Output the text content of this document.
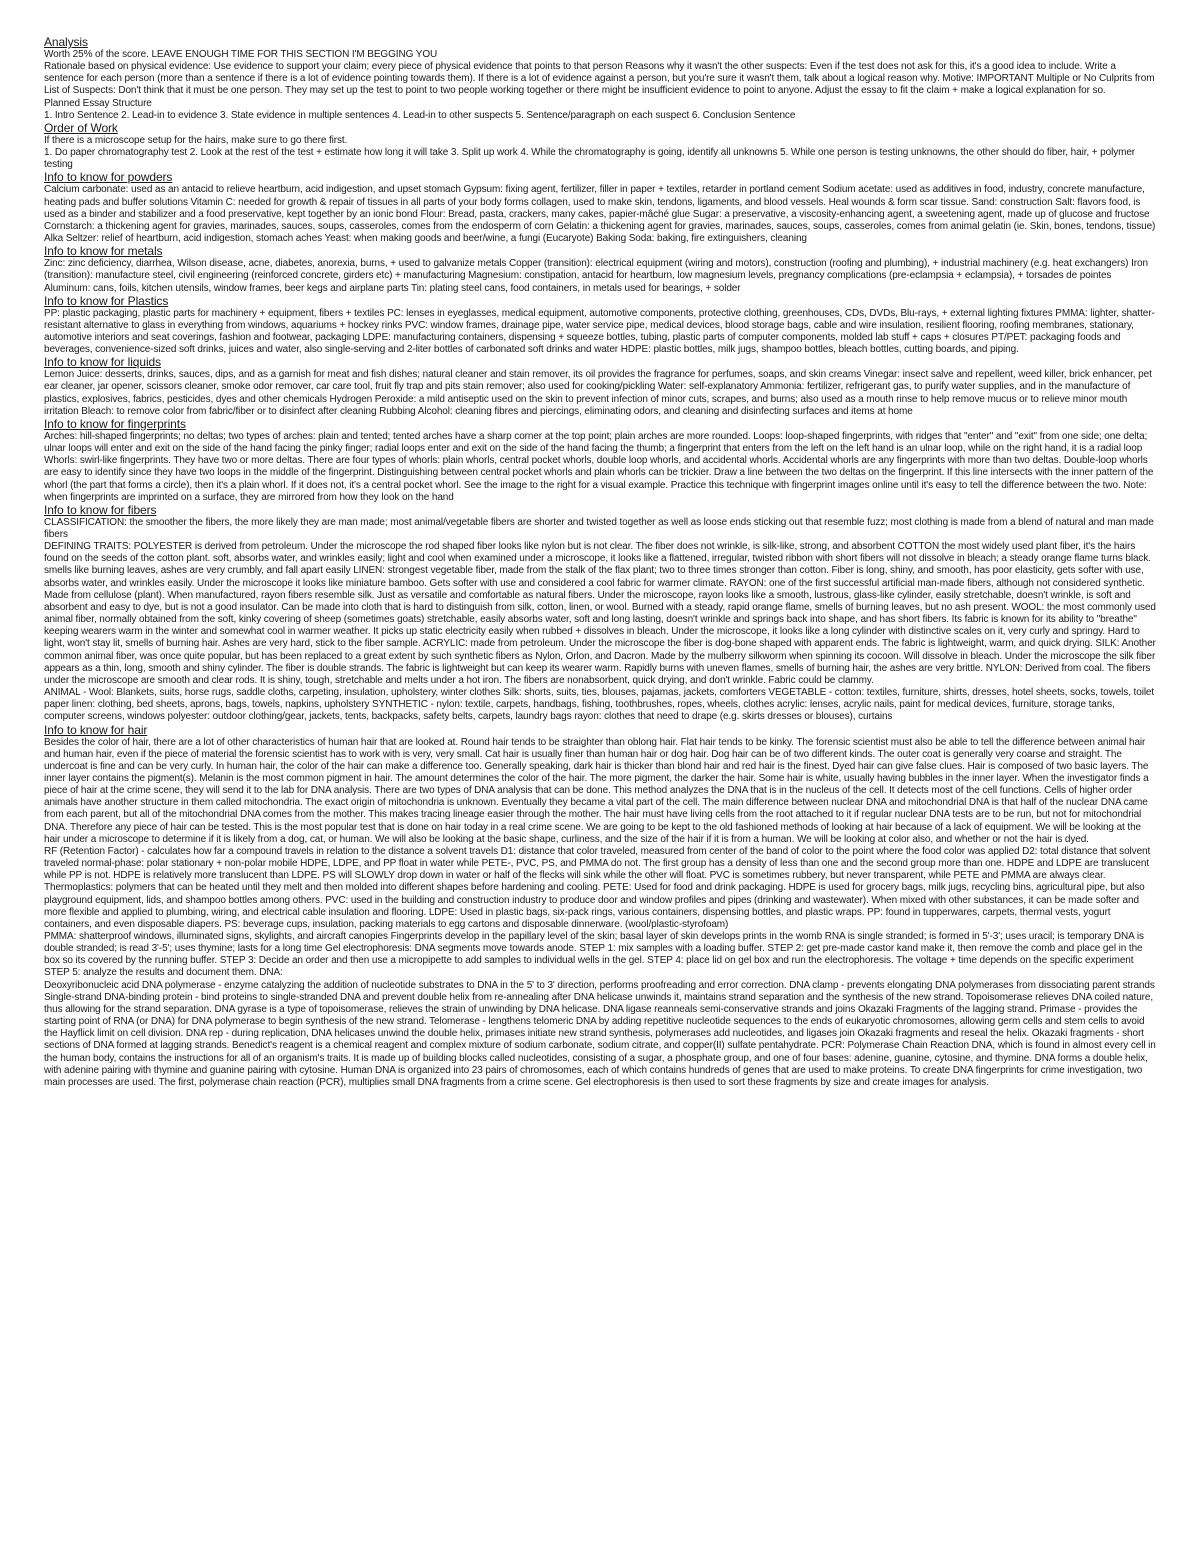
Analysis

Worth 25% of the score. LEAVE ENOUGH TIME FOR THIS SECTION I'M BEGGING YOU

Rationale based on physical evidence: Use evidence to support your claim; every piece of physical evidence that points to that person Reasons why it wasn't the other suspects: Even if the test does not ask for this, it's a good idea to include. Write a sentence for each person (more than a sentence if there is a lot of evidence pointing towards them). If there is a lot of evidence against a person, but you're sure it wasn't them, talk about a logical reason why. Motive: IMPORTANT Multiple or No Culprits from List of Suspects: Don't think that it must be one person. They may set up the test to point to two people working together or there might be insufficient evidence to point to anyone. Adjust the essay to fit the claim + make a logical explanation for so.

Planned Essay Structure

1. Intro Sentence 2. Lead-in to evidence 3. State evidence in multiple sentences 4. Lead-in to other suspects 5. Sentence/paragraph on each suspect 6. Conclusion Sentence

Order of Work

If there is a microscope setup for the hairs, make sure to go there first.

1. Do paper chromatography test 2. Look at the rest of the test + estimate how long it will take 3. Split up work 4. While the chromatography is going, identify all unknowns 5. While one person is testing unknowns, the other should do fiber, hair, + polymer testing

Info to know for powders

Calcium carbonate: used as an antacid to relieve heartburn, acid indigestion, and upset stomach Gypsum: fixing agent, fertilizer, filler in paper + textiles, retarder in portland cement Sodium acetate: used as additives in food, industry, concrete manufacture, heating pads and buffer solutions Vitamin C: needed for growth & repair of tissues in all parts of your body forms collagen, used to make skin, tendons, ligaments, and blood vessels. Heal wounds & form scar tissue. Sand: construction Salt: flavors food, is used as a binder and stabilizer and a food preservative, kept together by an ionic bond Flour: Bread, pasta, crackers, many cakes, papier-mâché glue Sugar: a preservative, a viscosity-enhancing agent, a sweetening agent, made up of glucose and fructose Cornstarch: a thickening agent for gravies, marinades, sauces, soups, casseroles, comes from the endosperm of corn Gelatin: a thickening agent for gravies, marinades, sauces, soups, casseroles, comes from animal gelatin (ie. Skin, bones, tendons, tissue) Alka Seltzer: relief of heartburn, acid indigestion, stomach aches Yeast: when making goods and beer/wine, a fungi (Eucaryote) Baking Soda: baking, fire extinguishers, cleaning

Info to know for metals

Zinc: zinc deficiency, diarrhea, Wilson disease, acne, diabetes, anorexia, burns, + used to galvanize metals Copper (transition): electrical equipment (wiring and motors), construction (roofing and plumbing), + industrial machinery (e.g. heat exchangers) Iron (transition): manufacture steel, civil engineering (reinforced concrete, girders etc) + manufacturing Magnesium: constipation, antacid for heartburn, low magnesium levels, pregnancy complications (pre-eclampsia + eclampsia), + torsades de pointes Aluminum: cans, foils, kitchen utensils, window frames, beer kegs and airplane parts Tin: plating steel cans, food containers, in metals used for bearings, + solder

Info to know for Plastics

PP: plastic packaging, plastic parts for machinery + equipment, fibers + textiles PC: lenses in eyeglasses, medical equipment, automotive components, protective clothing, greenhouses, CDs, DVDs, Blu-rays, + external lighting fixtures PMMA: lighter, shatter-resistant alternative to glass in everything from windows, aquariums + hockey rinks PVC: window frames, drainage pipe, water service pipe, medical devices, blood storage bags, cable and wire insulation, resilient flooring, roofing membranes, stationary, automotive interiors and seat coverings, fashion and footwear, packaging LDPE: manufacturing containers, dispensing + squeeze bottles, tubing, plastic parts of computer components, molded lab stuff + caps + closures PT/PET: packaging foods and beverages, convenience-sized soft drinks, juices and water, also single-serving and 2-liter bottles of carbonated soft drinks and water HDPE: plastic bottles, milk jugs, shampoo bottles, bleach bottles, cutting boards, and piping.

Info to know for liquids

Lemon Juice: desserts, drinks, sauces, dips, and as a garnish for meat and fish dishes; natural cleaner and stain remover, its oil provides the fragrance for perfumes, soaps, and skin creams Vinegar: insect salve and repellent, weed killer, brick enhancer, pet ear cleaner, jar opener, scissors cleaner, smoke odor remover, car care tool, fruit fly trap and pits stain remover; also used for cooking/pickling Water: self-explanatory Ammonia: fertilizer, refrigerant gas, to purify water supplies, and in the manufacture of plastics, explosives, fabrics, pesticides, dyes and other chemicals Hydrogen Peroxide: a mild antiseptic used on the skin to prevent infection of minor cuts, scrapes, and burns; also used as a mouth rinse to help remove mucus or to relieve minor mouth irritation Bleach: to remove color from fabric/fiber or to disinfect after cleaning Rubbing Alcohol: cleaning fibres and piercings, eliminating odors, and cleaning and disinfecting surfaces and items at home

Info to know for fingerprints

Arches: hill-shaped fingerprints; no deltas; two types of arches: plain and tented; tented arches have a sharp corner at the top point; plain arches are more rounded. Loops: loop-shaped fingerprints, with ridges that "enter" and "exit" from one side; one delta; ulnar loops will enter and exit on the side of the hand facing the pinky finger; radial loops enter and exit on the side of the hand facing the thumb; a fingerprint that enters from the left on the left hand is an ulnar loop, while on the right hand, it is a radial loop Whorls: swirl-like fingerprints. They have two or more deltas. There are four types of whorls: plain whorls, central pocket whorls, double loop whorls, and accidental whorls. Accidental whorls are any fingerprints with more than two deltas. Double-loop whorls are easy to identify since they have two loops in the middle of the fingerprint. Distinguishing between central pocket whorls and plain whorls can be trickier. Draw a line between the two deltas on the fingerprint. If this line intersects with the inner pattern of the whorl (the part that forms a circle), then it's a plain whorl. If it does not, it's a central pocket whorl. See the image to the right for a visual example. Practice this technique with fingerprint images online until it's easy to tell the difference between the two. Note: when fingerprints are imprinted on a surface, they are mirrored from how they look on the hand

Info to know for fibers

CLASSIFICATION: the smoother the fibers, the more likely they are man made; most animal/vegetable fibers are shorter and twisted together as well as loose ends sticking out that resemble fuzz; most clothing is made from a blend of natural and man made fibers

DEFINING TRAITS: POLYESTER is derived from petroleum. Under the microscope the rod shaped fiber looks like nylon but is not clear. The fiber does not wrinkle, is silk-like, strong, and absorbent COTTON the most widely used plant fiber, it's the hairs found on the seeds of the cotton plant. soft, absorbs water, and wrinkles easily; light and cool when examined under a microscope, it looks like a flattened, irregular, twisted ribbon with short fibers will not dissolve in bleach; a steady orange flame turns black. smells like burning leaves, ashes are very crumbly, and fall apart easily LINEN: strongest vegetable fiber, made from the stalk of the flax plant; two to three times stronger than cotton. Fiber is long, shiny, and smooth, has poor elasticity, gets softer with use, absorbs water, and wrinkles easily. Under the microscope it looks like miniature bamboo. Gets softer with use and considered a cool fabric for warmer climate. RAYON: one of the first successful artificial man-made fibers, although not considered synthetic. Made from cellulose (plant). When manufactured, rayon fibers resemble silk. Just as versatile and comfortable as natural fibers. Under the microscope, rayon looks like a smooth, lustrous, glass-like cylinder, easily stretchable, doesn't wrinkle, is soft and absorbent and easy to dye, but is not a good insulator. Can be made into cloth that is hard to distinguish from silk, cotton, linen, or wool. Burned with a steady, rapid orange flame, smells of burning leaves, but no ash present. WOOL: the most commonly used animal fiber, normally obtained from the soft, kinky covering of sheep (sometimes goats) stretchable, easily absorbs water, soft and long lasting, doesn't wrinkle and springs back into shape, and has short fibers. Its fabric is known for its ability to "breathe" keeping wearers warm in the winter and somewhat cool in warmer weather. It picks up static electricity easily when rubbed + dissolves in bleach. Under the microscope, it looks like a long cylinder with distinctive scales on it, very curly and springy. Hard to light, won't stay lit, smells of burning hair. Ashes are very hard, stick to the fiber sample. ACRYLIC: made from petroleum. Under the microscope the fiber is dog-bone shaped with apparent ends. The fabric is lightweight, warm, and quick drying. SILK: Another common animal fiber, was once quite popular, but has been replaced to a great extent by such synthetic fibers as Nylon, Orlon, and Dacron. Made by the mulberry silkworm when spinning its cocoon. Will dissolve in bleach. Under the microscope the silk fiber appears as a thin, long, smooth and shiny cylinder. The fiber is double strands. The fabric is lightweight but can keep its wearer warm. Rapidly burns with uneven flames, smells of burning hair, the ashes are very brittle. NYLON: Derived from coal. The fibers under the microscope are smooth and clear rods. It is shiny, tough, stretchable and melts under a hot iron. The fibers are nonabsorbent, quick drying, and don't wrinkle. Fabric could be clammy.

ANIMAL - Wool: Blankets, suits, horse rugs, saddle cloths, carpeting, insulation, upholstery, winter clothes Silk: shorts, suits, ties, blouses, pajamas, jackets, comforters VEGETABLE - cotton: textiles, furniture, shirts, dresses, hotel sheets, socks, towels, toilet paper linen: clothing, bed sheets, aprons, bags, towels, napkins, upholstery SYNTHETIC - nylon: textile, carpets, handbags, fishing, toothbrushes, ropes, wheels, clothes acrylic: lenses, acrylic nails, paint for medical devices, furniture, storage tanks, computer screens, windows polyester: outdoor clothing/gear, jackets, tents, backpacks, safety belts, carpets, laundry bags rayon: clothes that need to drape (e.g. skirts dresses or blouses), curtains

Info to know for hair

Besides the color of hair, there are a lot of other characteristics of human hair that are looked at. Round hair tends to be straighter than oblong hair. Flat hair tends to be kinky. The forensic scientist must also be able to tell the difference between animal hair and human hair, even if the piece of material the forensic scientist has to work with is very, very small. Cat hair is usually finer than human hair or dog hair. Dog hair can be of two different kinds. The outer coat is generally very coarse and straight. The undercoat is fine and can be very curly. In human hair, the color of the hair can make a difference too. Generally speaking, dark hair is thicker than blond hair and red hair is the finest. Dyed hair can give false clues. Hair is composed of two basic layers. The inner layer contains the pigment(s). Melanin is the most common pigment in hair. The amount determines the color of the hair. The more pigment, the darker the hair. Some hair is white, usually having bubbles in the inner layer. When the investigator finds a piece of hair at the crime scene, they will send it to the lab for DNA analysis. There are two types of DNA analysis that can be done. This method analyzes the DNA that is in the nucleus of the cell. It detects most of the cell functions. Cells of higher order animals have another structure in them called mitochondria. The exact origin of mitochondria is unknown. Eventually they became a vital part of the cell. The main difference between nuclear DNA and mitochondrial DNA is that half of the nuclear DNA came from each parent, but all of the mitochondrial DNA comes from the mother. This makes tracing lineage easier through the mother. The hair must have living cells from the root attached to it if regular nuclear DNA tests are to be run, but not for mitochondrial DNA. Therefore any piece of hair can be tested. This is the most popular test that is done on hair today in a real crime scene. We are going to be kept to the old fashioned methods of looking at hair because of a lack of equipment. We will be looking at the hair under a microscope to determine if it is likely from a dog, cat, or human. We will also be looking at the basic shape, curliness, and the size of the hair if it is from a human. We will be looking at color also, and whether or not the hair is dyed.

RF (Retention Factor) - calculates how far a compound travels in relation to the distance a solvent travels D1: distance that color traveled, measured from center of the band of color to the point where the food color was applied D2: total distance that solvent traveled normal-phase: polar stationary + non-polar mobile HDPE, LDPE, and PP float in water while PETE-, PVC, PS, and PMMA do not. The first group has a density of less than one and the second group more than one. HDPE and LDPE are translucent while PP is not. HDPE is relatively more translucent than LDPE. PS will SLOWLY drop down in water or half of the flecks will sink while the other will float. PVC is sometimes rubbery, but never transparent, while PETE and PMMA are always clear. Thermoplastics: polymers that can be heated until they melt and then molded into different shapes before hardening and cooling. PETE: Used for food and drink packaging. HDPE is used for grocery bags, milk jugs, recycling bins, agricultural pipe, but also playground equipment, lids, and shampoo bottles among others. PVC: used in the building and construction industry to produce door and window profiles and pipes (drinking and wastewater). When mixed with other substances, it can be made softer and more flexible and applied to plumbing, wiring, and electrical cable insulation and flooring. LDPE: Used in plastic bags, six-pack rings, various containers, dispensing bottles, and plastic wraps. PP: found in tupperwares, carpets, thermal vests, yogurt containers, and even disposable diapers. PS: beverage cups, insulation, packing materials to egg cartons and disposable dinnerware. (wool/plastic-styrofoam)

PMMA: shatterproof windows, illuminated signs, skylights, and aircraft canopies Fingerprints develop in the papillary level of the skin; basal layer of skin develops prints in the womb RNA is single stranded; is formed in 5'-3'; uses uracil; is temporary DNA is double stranded; is read 3'-5'; uses thymine; lasts for a long time Gel electrophoresis: DNA segments move towards anode. STEP 1: mix samples with a loading buffer. STEP 2: get pre-made castor kand make it, then remove the comb and place gel in the box so its covered by the running buffer. STEP 3: Decide an order and then use a micropipette to add samples to individual wells in the gel. STEP 4: place lid on gel box and run the electrophoresis. The voltage + time depends on the specific experiment STEP 5: analyze the results and document them. DNA:

Deoxyribonucleic acid DNA polymerase - enzyme catalyzing the addition of nucleotide substrates to DNA in the 5' to 3' direction, performs proofreading and error correction. DNA clamp - prevents elongating DNA polymerases from dissociating parent strands Single-strand DNA-binding protein - bind proteins to single-stranded DNA and prevent double helix from re-annealing after DNA helicase unwinds it, maintains strand separation and the synthesis of the new strand. Topoisomerase relieves DNA coiled nature, thus allowing for the strand separation. DNA gyrase is a type of topoisomerase, relieves the strain of unwinding by DNA helicase. DNA ligase reanneals semi-conservative strands and joins Okazaki Fragments of the lagging strand. Primase - provides the starting point of RNA (or DNA) for DNA polymerase to begin synthesis of the new strand. Telomerase - lengthens telomeric DNA by adding repetitive nucleotide sequences to the ends of eukaryotic chromosomes, allowing germ cells and stem cells to avoid the Hayflick limit on cell division. DNA rep - during replication, DNA helicases unwind the double helix, primases initiate new strand synthesis, polymerases add nucleotides, and ligases join Okazaki fragments and reseal the helix. Okazaki fragments - short sections of DNA formed at lagging strands. Benedict's reagent is a chemical reagent and complex mixture of sodium carbonate, sodium citrate, and copper(II) sulfate pentahydrate. PCR: Polymerase Chain Reaction DNA, which is found in almost every cell in the human body, contains the instructions for all of an organism's traits. It is made up of building blocks called nucleotides, consisting of a sugar, a phosphate group, and one of four bases: adenine, guanine, cytosine, and thymine. DNA forms a double helix, with adenine pairing with thymine and guanine pairing with cytosine. Human DNA is organized into 23 pairs of chromosomes, each of which contains hundreds of genes that are used to make proteins. To create DNA fingerprints for crime investigation, two main processes are used. The first, polymerase chain reaction (PCR), multiplies small DNA fragments from a crime scene. Gel electrophoresis is then used to sort these fragments by size and create images for analysis.
